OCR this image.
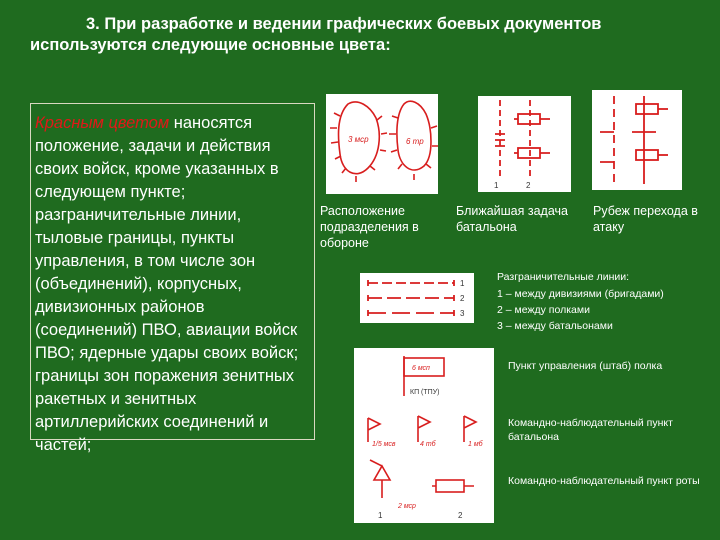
3. При разработке и ведении графических боевых документов используются следующие основные цвета:
Красным цветом наносятся положение, задачи и действия своих войск, кроме указанных в следующем пункте; разграничительные линии, тыловые границы, пункты управления, в том числе зон (объединений), корпусных, дивизионных районов (соединений) ПВО, авиации войск ПВО; ядерные удары своих войск; границы зон поражения зенитных ракетных и зенитных артиллерийских соединений и частей;
3 мср	6 тр
Расположение подразделения в обороне
1	2
Ближайшая задача батальона
Рубеж перехода в атаку
1
2
3
Разграничительные линии:
1 – между дивизиями (бригадами)
2 – между полками
3 – между батальонами
6 мсп
КП (ТПУ)
1/5 мсв	4 тб	1 мб
2 мср
1	2
Пункт управления (штаб) полка
Командно-наблюдательный пункт батальона
Командно-наблюдательный пункт роты
